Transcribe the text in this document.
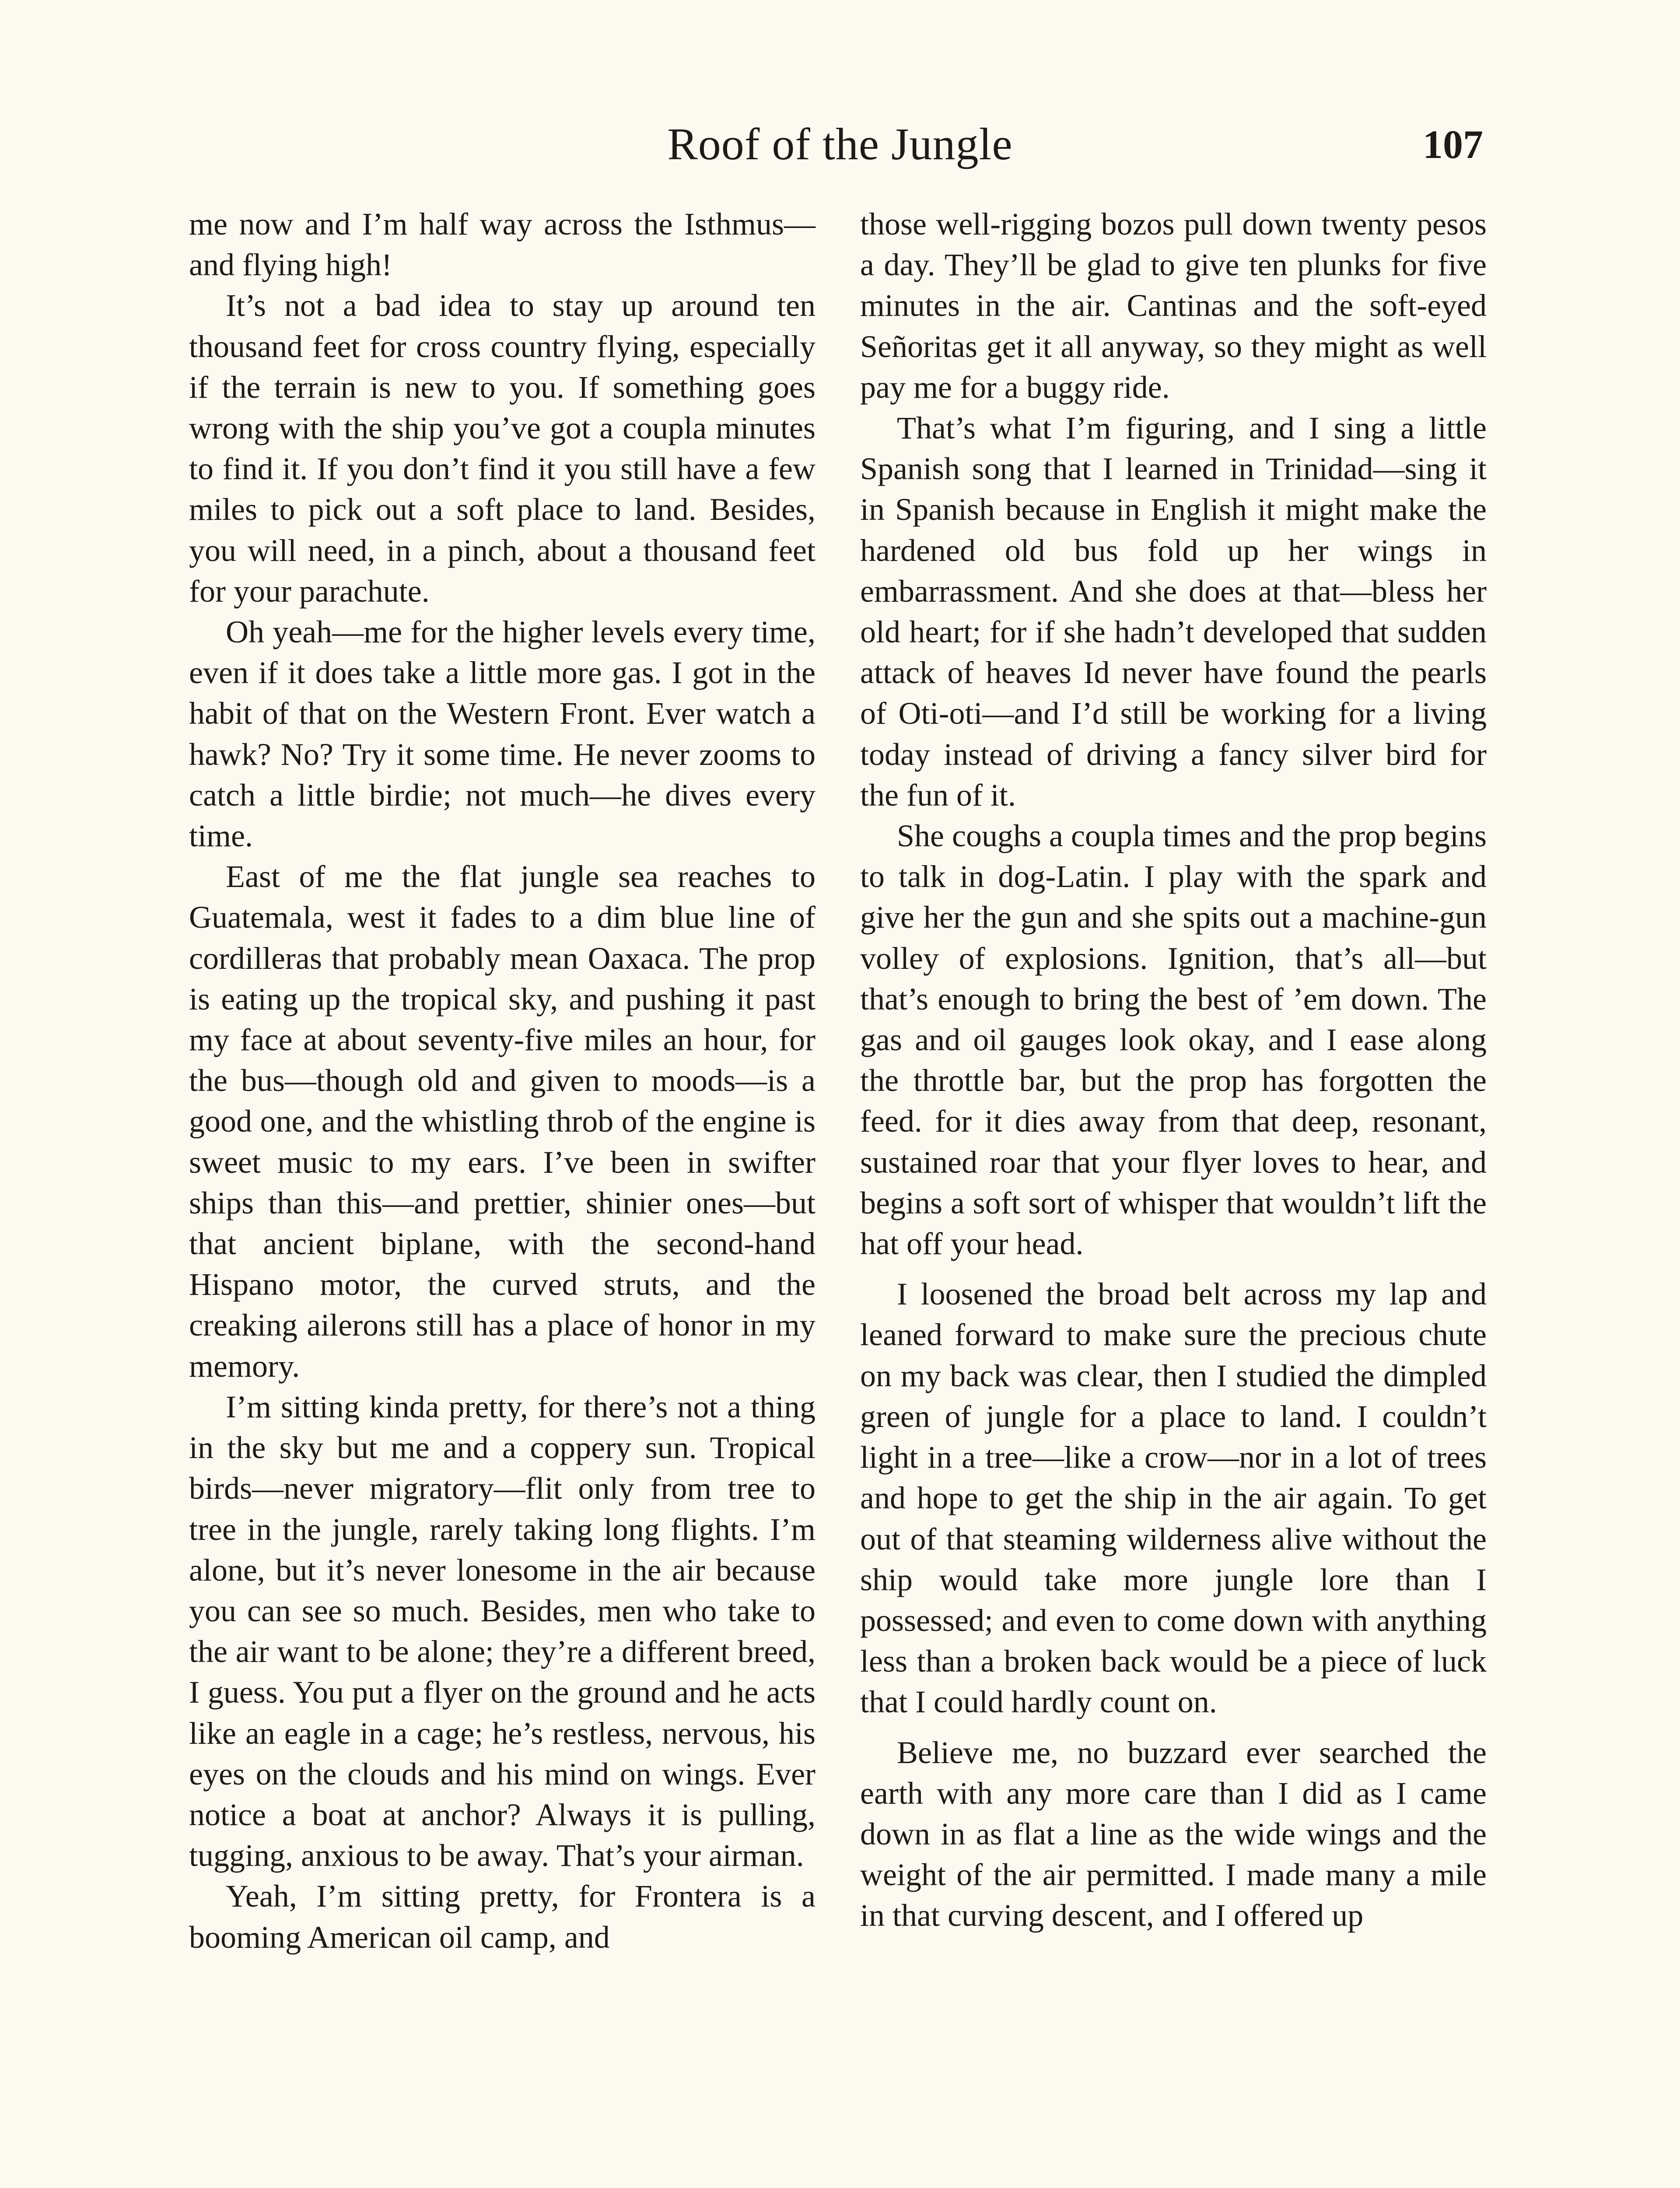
Roof of the Jungle	107

me now and I’m half way across the Isthmus—and flying high!

It’s not a bad idea to stay up around ten thousand feet for cross country flying, especially if the terrain is new to you. If something goes wrong with the ship you’ve got a coupla minutes to find it. If you don’t find it you still have a few miles to pick out a soft place to land. Besides, you will need, in a pinch, about a thousand feet for your parachute.

Oh yeah—me for the higher levels every time, even if it does take a little more gas. I got in the habit of that on the Western Front. Ever watch a hawk? No? Try it some time. He never zooms to catch a little birdie; not much—he dives every time.

East of me the flat jungle sea reaches to Guatemala, west it fades to a dim blue line of cordilleras that probably mean Oaxaca. The prop is eating up the tropical sky, and pushing it past my face at about seventy-five miles an hour, for the bus—though old and given to moods—is a good one, and the whistling throb of the engine is sweet music to my ears. I’ve been in swifter ships than this—and prettier, shinier ones—but that ancient biplane, with the second-hand Hispano motor, the curved struts, and the creaking ailerons still has a place of honor in my memory.

I’m sitting kinda pretty, for there’s not a thing in the sky but me and a coppery sun. Tropical birds—never migratory—flit only from tree to tree in the jungle, rarely taking long flights. I’m alone, but it’s never lonesome in the air because you can see so much. Besides, men who take to the air want to be alone; they’re a different breed, I guess. You put a flyer on the ground and he acts like an eagle in a cage; he’s restless, nervous, his eyes on the clouds and his mind on wings. Ever notice a boat at anchor? Always it is pulling, tugging, anxious to be away. That’s your airman.

Yeah, I’m sitting pretty, for Frontera is a booming American oil camp, and

those well-rigging bozos pull down twenty pesos a day. They’ll be glad to give ten plunks for five minutes in the air. Cantinas and the soft-eyed Señoritas get it all anyway, so they might as well pay me for a buggy ride.

That’s what I’m figuring, and I sing a little Spanish song that I learned in Trinidad—sing it in Spanish because in English it might make the hardened old bus fold up her wings in embarrassment. And she does at that—bless her old heart; for if she hadn’t developed that sudden attack of heaves Id never have found the pearls of Oti-oti—and I’d still be working for a living today instead of driving a fancy silver bird for the fun of it.

She coughs a coupla times and the prop begins to talk in dog-Latin. I play with the spark and give her the gun and she spits out a machine-gun volley of explosions. Ignition, that’s all—but that’s enough to bring the best of ’em down. The gas and oil gauges look okay, and I ease along the throttle bar, but the prop has forgotten the feed. for it dies away from that deep, resonant, sustained roar that your flyer loves to hear, and begins a soft sort of whisper that wouldn’t lift the hat off your head.

I loosened the broad belt across my lap and leaned forward to make sure the precious chute on my back was clear, then I studied the dimpled green of jungle for a place to land. I couldn’t light in a tree—like a crow—nor in a lot of trees and hope to get the ship in the air again. To get out of that steaming wilderness alive without the ship would take more jungle lore than I possessed; and even to come down with anything less than a broken back would be a piece of luck that I could hardly count on.

Believe me, no buzzard ever searched the earth with any more care than I did as I came down in as flat a line as the wide wings and the weight of the air permitted. I made many a mile in that curving descent, and I offered up
